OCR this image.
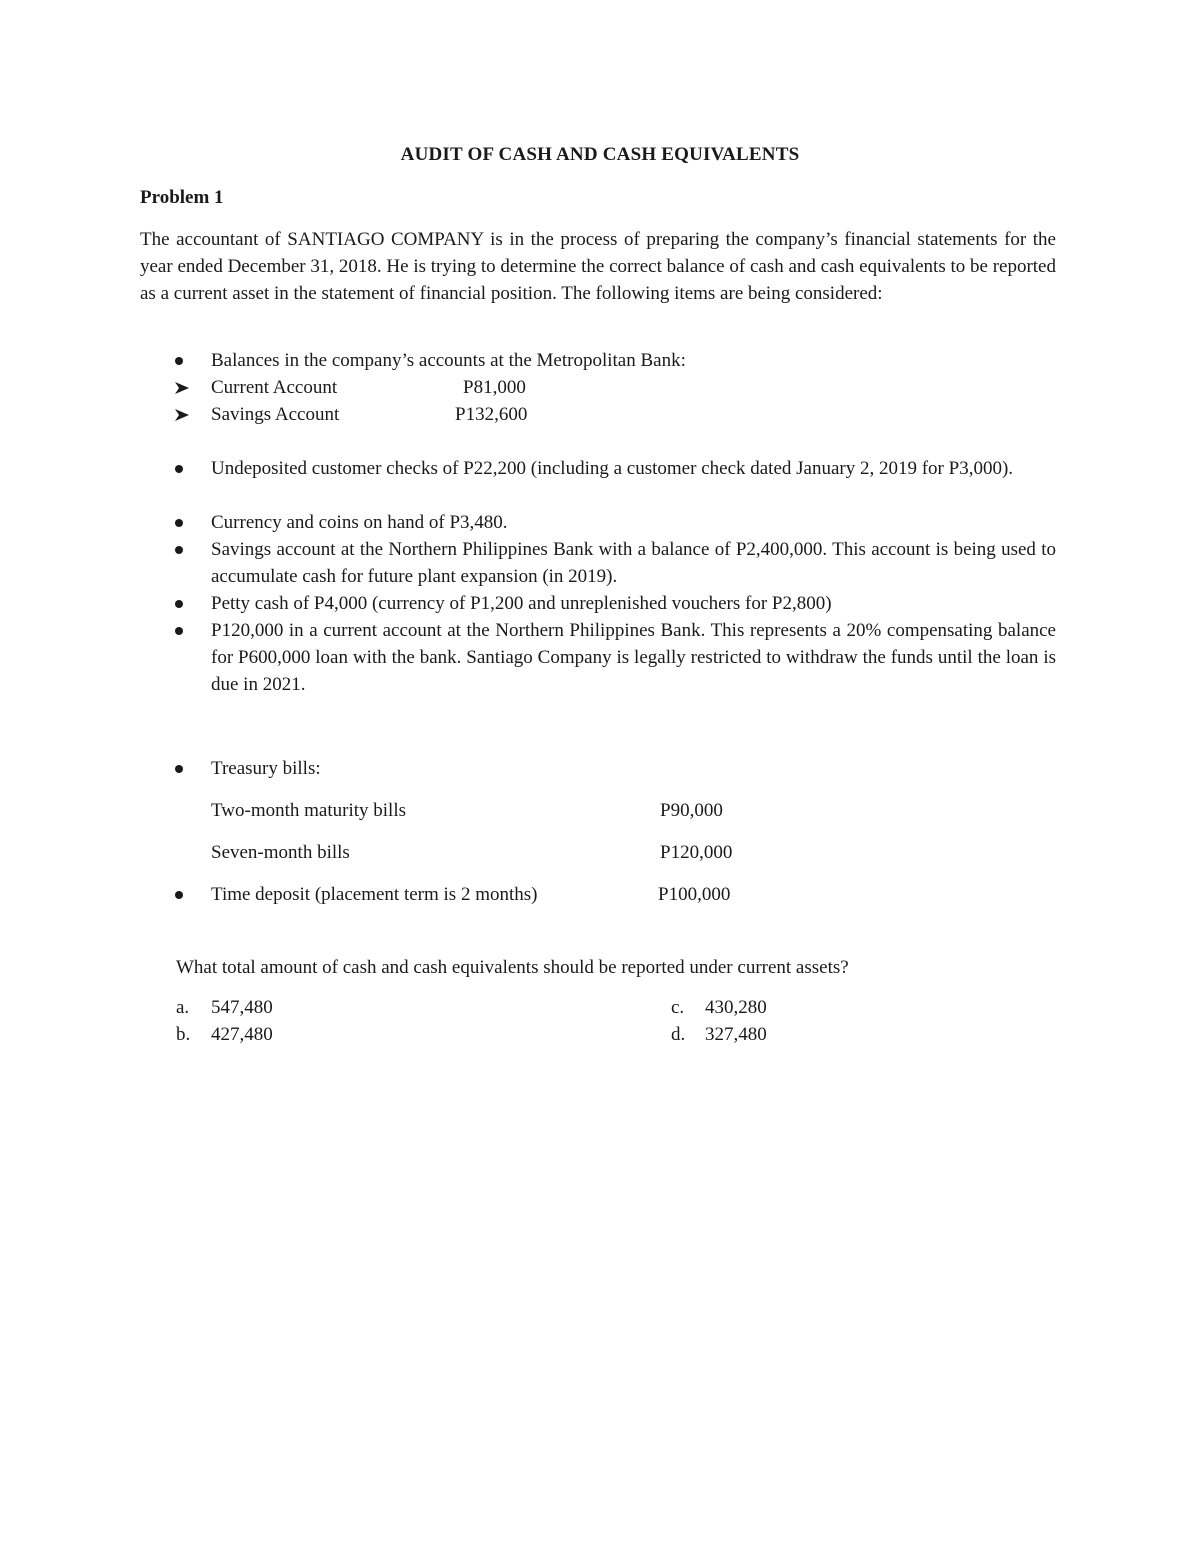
AUDIT OF CASH AND CASH EQUIVALENTS
Problem 1
The accountant of SANTIAGO COMPANY is in the process of preparing the company’s financial statements for the year ended December 31, 2018. He is trying to determine the correct balance of cash and cash equivalents to be reported as a current asset in the statement of financial position. The following items are being considered:
Balances in the company’s accounts at the Metropolitan Bank:
Current Account	P81,000
Savings Account	P132,600
Undeposited customer checks of P22,200 (including a customer check dated January 2, 2019 for P3,000).
Currency and coins on hand of P3,480.
Savings account at the Northern Philippines Bank with a balance of P2,400,000. This account is being used to accumulate cash for future plant expansion (in 2019).
Petty cash of P4,000 (currency of P1,200 and unreplenished vouchers for P2,800)
P120,000 in a current account at the Northern Philippines Bank. This represents a 20% compensating balance for P600,000 loan with the bank. Santiago Company is legally restricted to withdraw the funds until the loan is due in 2021.
Treasury bills:
Two-month maturity bills	P90,000
Seven-month bills	P120,000
Time deposit (placement term is 2 months)	P100,000
What total amount of cash and cash equivalents should be reported under current assets?
a. 547,480	c. 430,280
b. 427,480	d. 327,480
